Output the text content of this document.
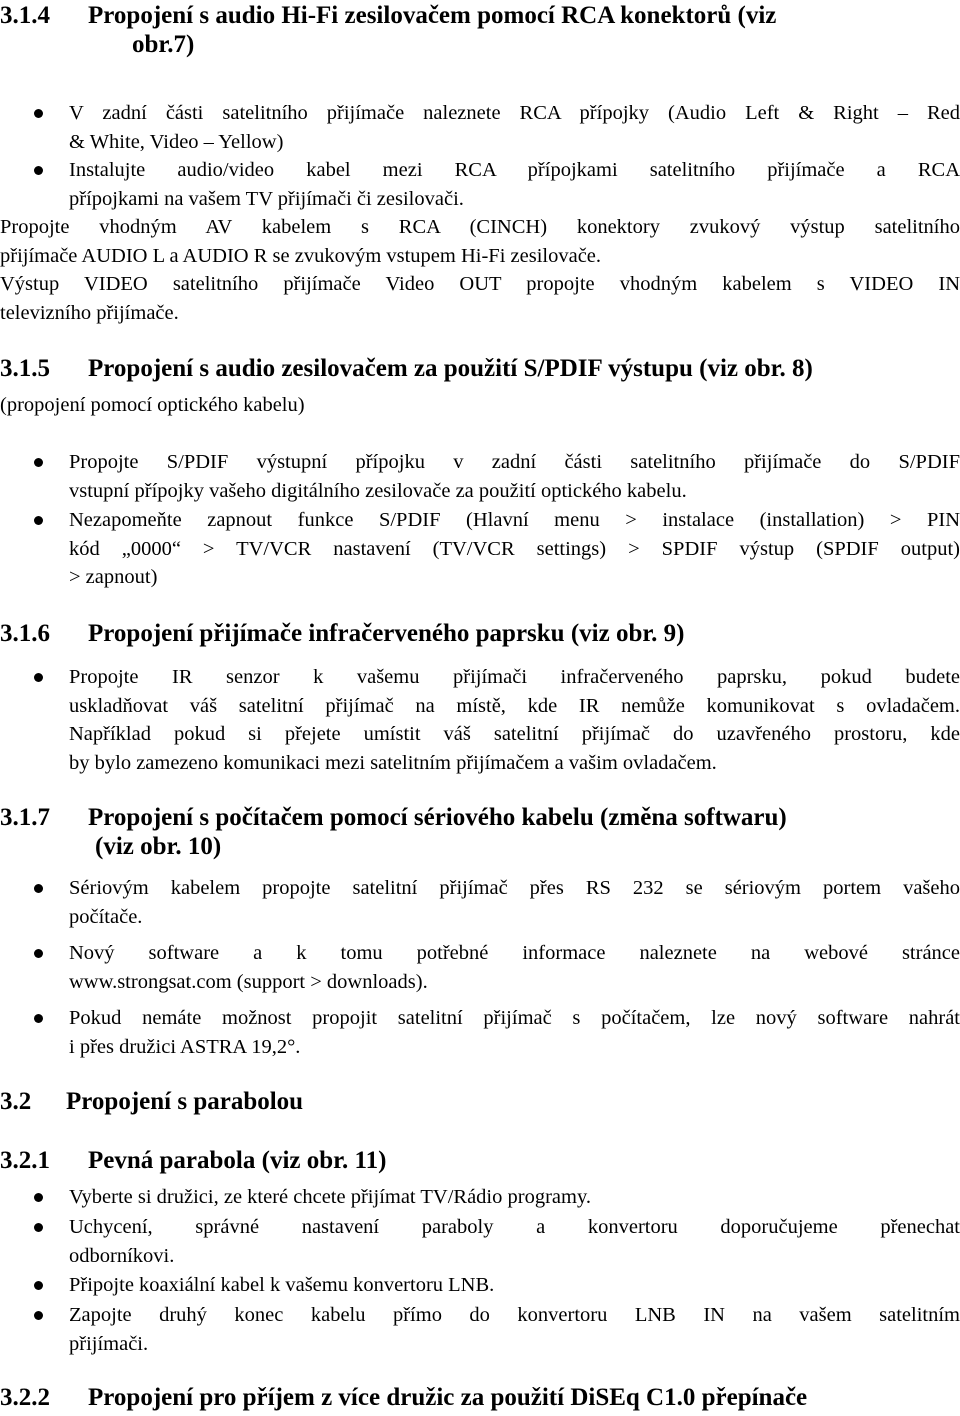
3.1.4 Propojení s audio Hi-Fi zesilovačem pomocí RCA konektorů (viz
obr.7)
V zadní části satelitního přijímače naleznete RCA přípojky (Audio Left & Right – Red
& White, Video – Yellow)
Instalujte audio/video kabel mezi RCA přípojkami satelitního přijímače a RCA
přípojkami na vašem TV přijímači či zesilovači.
Propojte vhodným AV kabelem s RCA (CINCH) konektory zvukový výstup satelitního
přijímače AUDIO L a AUDIO R se zvukovým vstupem Hi-Fi zesilovače.
Výstup VIDEO satelitního přijímače Video OUT propojte vhodným kabelem s VIDEO IN
televizního přijímače.
3.1.5 Propojení s audio zesilovačem za použití S/PDIF výstupu (viz obr. 8)
(propojení pomocí optického kabelu)
Propojte S/PDIF výstupní přípojku v zadní části satelitního přijímače do S/PDIF
vstupní přípojky vašeho digitálního zesilovače za použití optického kabelu.
Nezapomeňte zapnout funkce S/PDIF (Hlavní menu > instalace (installation) > PIN
kód „0000“ > TV/VCR nastavení (TV/VCR settings) > SPDIF výstup (SPDIF output)
> zapnout)
3.1.6 Propojení přijímače infračerveného paprsku (viz obr. 9)
Propojte IR senzor k vašemu přijímači infračerveného paprsku, pokud budete
uskladňovat váš satelitní přijímač na místě, kde IR nemůže komunikovat s ovladačem.
Například pokud si přejete umístit váš satelitní přijímač do uzavřeného prostoru, kde
by bylo zamezeno komunikaci mezi satelitním přijímačem a vašim ovladačem.
3.1.7 Propojení s počítačem pomocí sériového kabelu (změna softwaru)
(viz obr. 10)
Sériovým kabelem propojte satelitní přijímač přes RS 232 se sériovým portem vašeho
počítače.
Nový software a k tomu potřebné informace naleznete na webové stránce
www.strongsat.com (support > downloads).
Pokud nemáte možnost propojit satelitní přijímač s počítačem, lze nový software nahrát
i přes družici ASTRA 19,2°.
3.2 Propojení s parabolou
3.2.1 Pevná parabola (viz obr. 11)
Vyberte si družici, ze které chcete přijímat TV/Rádio programy.
Uchycení, správné nastavení paraboly a konvertoru doporučujeme přenechat
odborníkovi.
Připojte koaxiální kabel k vašemu konvertoru LNB.
Zapojte druhý konec kabelu přímo do konvertoru LNB IN na vašem satelitním
přijímači.
3.2.2 Propojení pro příjem z více družic za použití DiSEq C1.0 přepínače
